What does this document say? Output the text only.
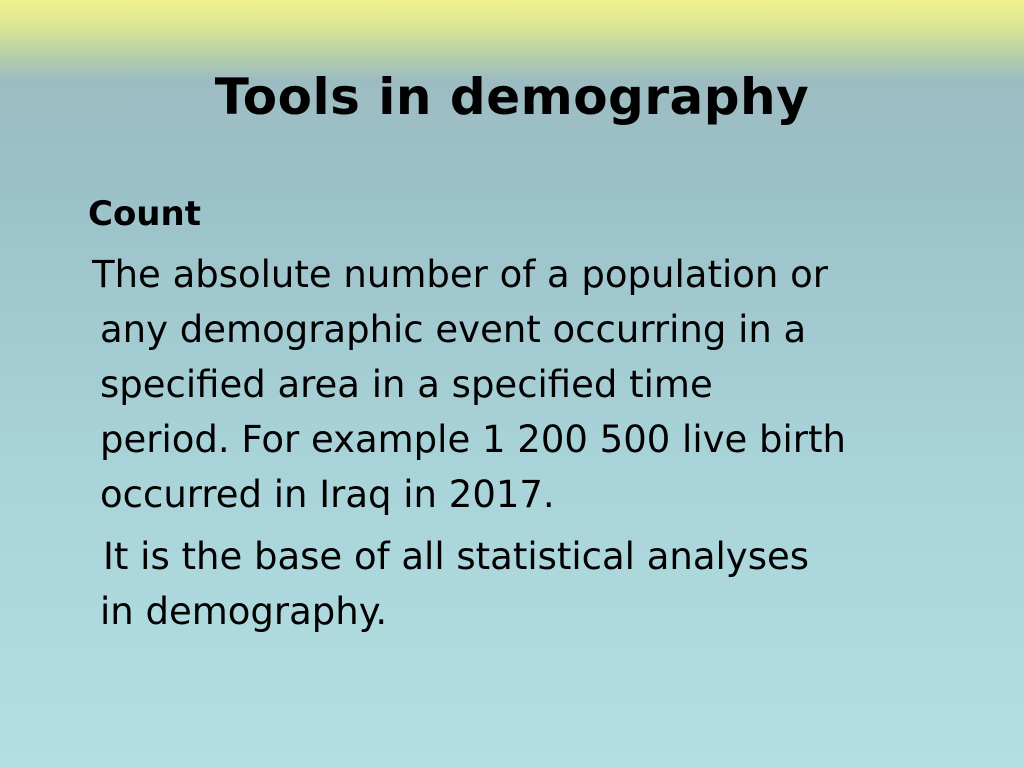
Tools in demography
Count
The absolute number of a population or
any demographic event occurring in a
specified area in a specified time
period. For example 1 200 500 live birth
occurred in Iraq in 2017.
It is the base of all statistical analyses
in demography.
